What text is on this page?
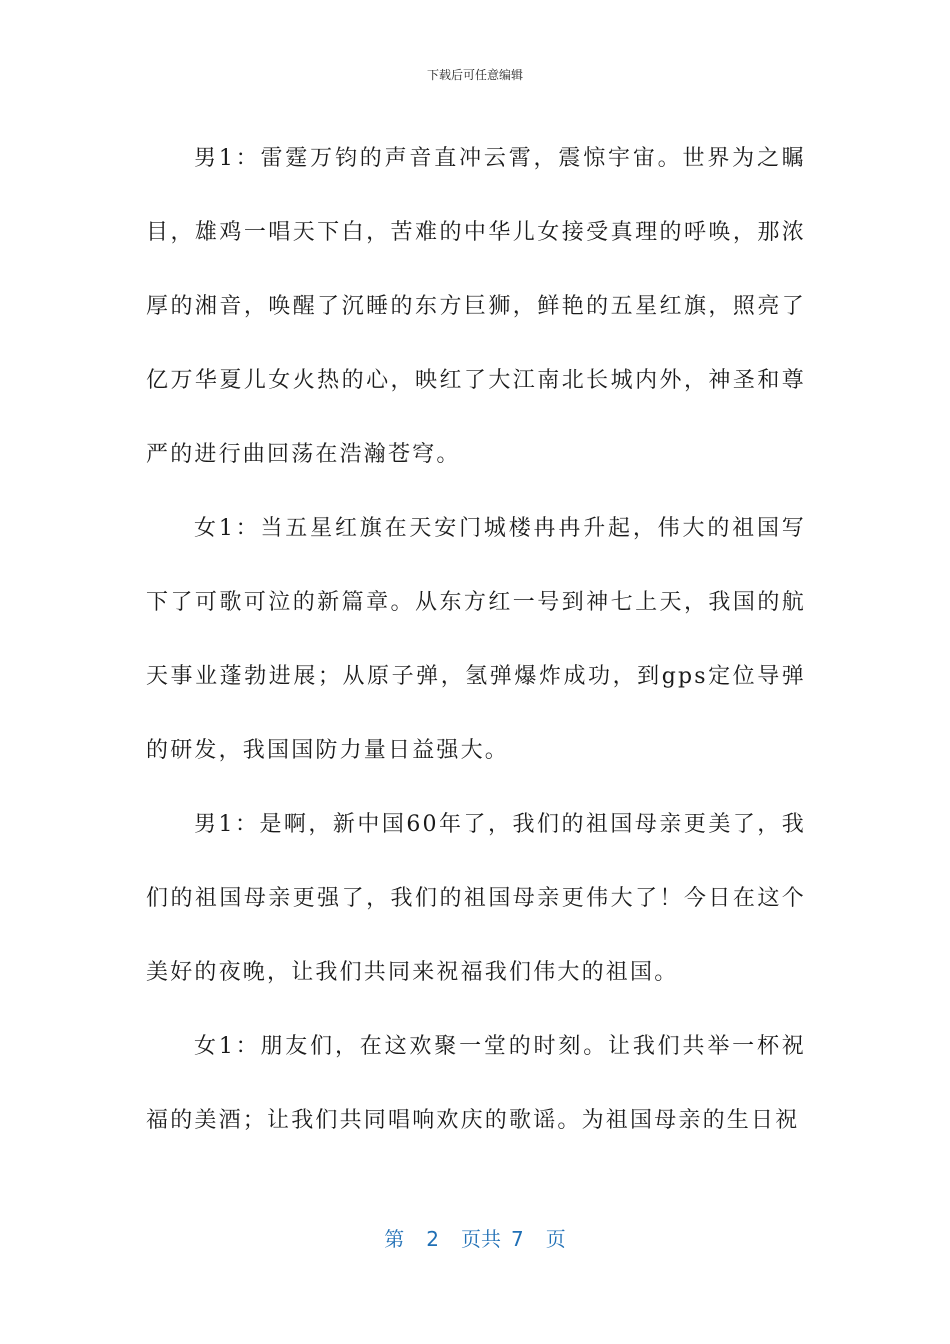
下载后可任意编辑

男1：雷霆万钧的声音直冲云霄，震惊宇宙。世界为之瞩目，雄鸡一唱天下白，苦难的中华儿女接受真理的呼唤，那浓厚的湘音，唤醒了沉睡的东方巨狮，鲜艳的五星红旗，照亮了亿万华夏儿女火热的心，映红了大江南北长城内外，神圣和尊严的进行曲回荡在浩瀚苍穹。

女1：当五星红旗在天安门城楼冉冉升起，伟大的祖国写下了可歌可泣的新篇章。从东方红一号到神七上天，我国的航天事业蓬勃进展；从原子弹，氢弹爆炸成功，到gps定位导弹的研发，我国国防力量日益强大。

男1：是啊，新中国60年了，我们的祖国母亲更美了，我们的祖国母亲更强了，我们的祖国母亲更伟大了！今日在这个美好的夜晚，让我们共同来祝福我们伟大的祖国。

女1：朋友们，在这欢聚一堂的时刻。让我们共举一杯祝福的美酒；让我们共同唱响欢庆的歌谣。为祖国母亲的生日祝

第 2 页共 7 页
